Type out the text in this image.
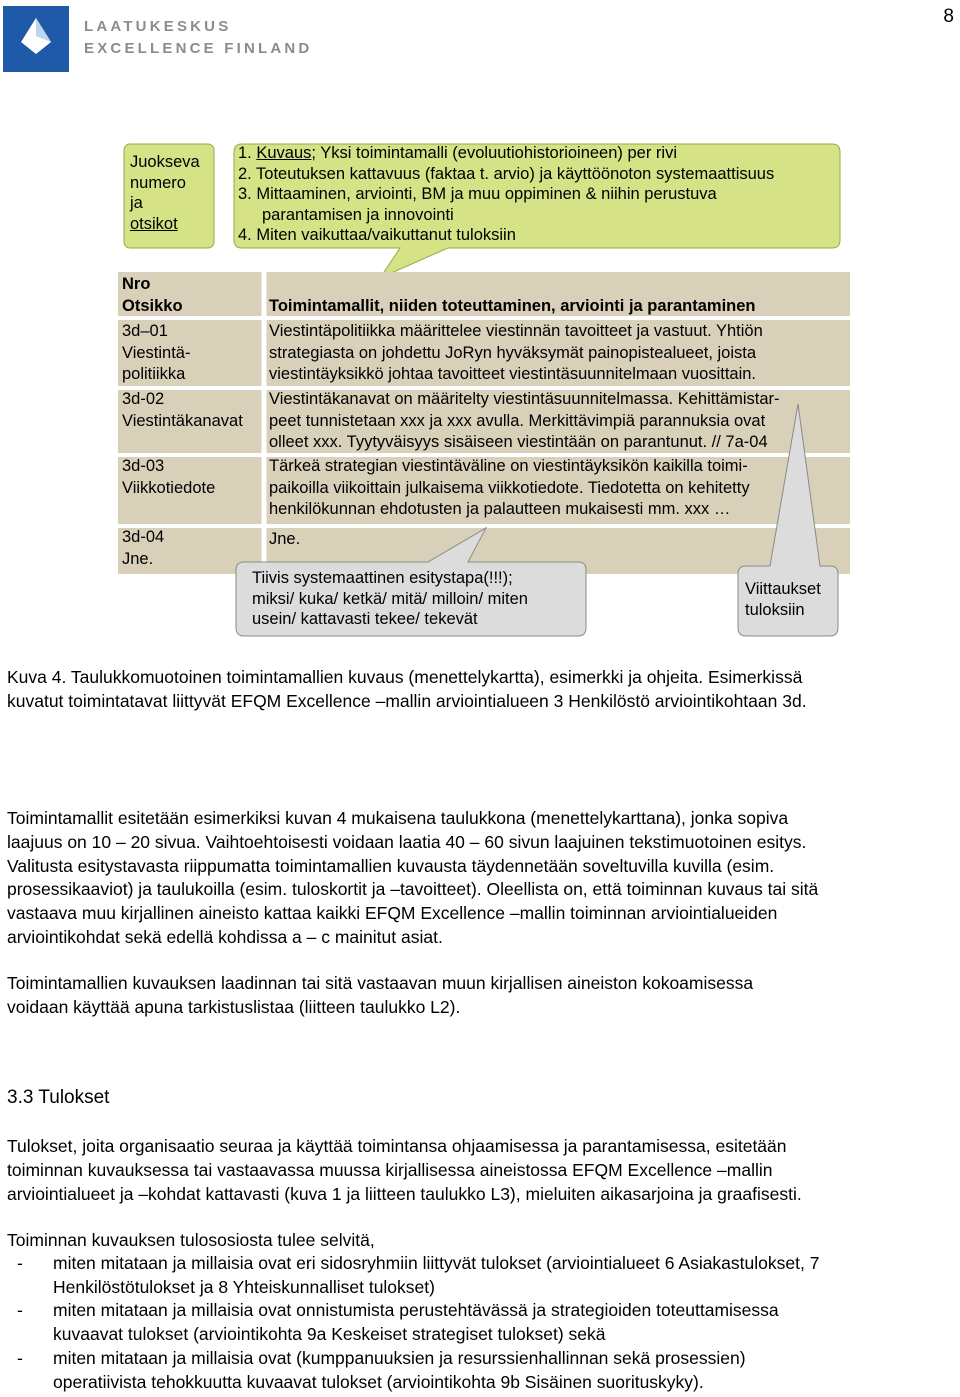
8
LAATUKESKUS
EXCELLENCE FINLAND
Juokseva
numero
ja
otsikot
1. Kuvaus; Yksi toimintamalli (evoluutiohistorioineen) per rivi
2. Toteutuksen kattavuus (faktaa t. arvio) ja käyttöönoton systemaattisuus
3. Mittaaminen, arviointi, BM ja muu oppiminen & niihin perustuva
parantamisen ja innovointi
4. Miten vaikuttaa/vaikuttanut tuloksiin
Nro
Otsikko	Toimintamallit, niiden toteuttaminen, arviointi ja parantaminen
3d–01
Viestintä-
politiikka
Viestintäpolitiikka määrittelee viestinnän tavoitteet ja vastuut. Yhtiön
strategiasta on johdettu JoRyn hyväksymät painopistealueet, joista
viestintäyksikkö johtaa tavoitteet viestintäsuunnitelmaan vuosittain.
3d-02
Viestintäkanavat
Viestintäkanavat on määritelty viestintäsuunnitelmassa. Kehittämistar-
peet tunnistetaan xxx ja xxx avulla. Merkittävimpiä parannuksia ovat
olleet xxx. Tyytyväisyys sisäiseen viestintään on parantunut. // 7a-04
3d-03
Viikkotiedote
Tärkeä strategian viestintäväline on viestintäyksikön kaikilla toimi-
paikoilla viikoittain julkaisema viikkotiedote. Tiedotetta on kehitetty
henkilökunnan ehdotusten ja palautteen mukaisesti mm. xxx …
3d-04
Jne.
Jne.
Tiivis systemaattinen esitystapa(!!!);
miksi/ kuka/ ketkä/ mitä/ milloin/ miten
usein/ kattavasti tekee/ tekevät
Viittaukset
tuloksiin
Kuva 4. Taulukkomuotoinen toimintamallien kuvaus (menettelykartta), esimerkki ja ohjeita. Esimerkissä
kuvatut toimintatavat liittyvät EFQM Excellence –mallin arviointialueen 3 Henkilöstö arviointikohtaan 3d.
Toimintamallit esitetään esimerkiksi kuvan 4 mukaisena taulukkona (menettelykarttana), jonka sopiva
laajuus on 10 – 20 sivua. Vaihtoehtoisesti voidaan laatia 40 – 60 sivun laajuinen tekstimuotoinen esitys.
Valitusta esitystavasta riippumatta toimintamallien kuvausta täydennetään soveltuvilla kuvilla (esim.
prosessikaaviot) ja taulukoilla (esim. tuloskortit ja –tavoitteet). Oleellista on, että toiminnan kuvaus tai sitä
vastaava muu kirjallinen aineisto kattaa kaikki EFQM Excellence –mallin toiminnan arviointialueiden
arviointikohdat sekä edellä kohdissa a – c mainitut asiat.
Toimintamallien kuvauksen laadinnan tai sitä vastaavan muun kirjallisen aineiston kokoamisessa
voidaan käyttää apuna tarkistuslistaa (liitteen taulukko L2).
3.3 Tulokset
Tulokset, joita organisaatio seuraa ja käyttää toimintansa ohjaamisessa ja parantamisessa, esitetään
toiminnan kuvauksessa tai vastaavassa muussa kirjallisessa aineistossa EFQM Excellence –mallin
arviointialueet ja –kohdat kattavasti (kuva 1 ja liitteen taulukko L3), mieluiten aikasarjoina ja graafisesti.
Toiminnan kuvauksen tulososiosta tulee selvitä,
- miten mitataan ja millaisia ovat eri sidosryhmiin liittyvät tulokset (arviointialueet 6 Asiakastulokset, 7
Henkilöstötulokset ja 8 Yhteiskunnalliset tulokset)
- miten mitataan ja millaisia ovat onnistumista perustehtävässä ja strategioiden toteuttamisessa
kuvaavat tulokset (arviointikohta 9a Keskeiset strategiset tulokset) sekä
- miten mitataan ja millaisia ovat (kumppanuuksien ja resurssienhallinnan sekä prosessien)
operatiivista tehokkuutta kuvaavat tulokset (arviointikohta 9b Sisäinen suorituskyky).
